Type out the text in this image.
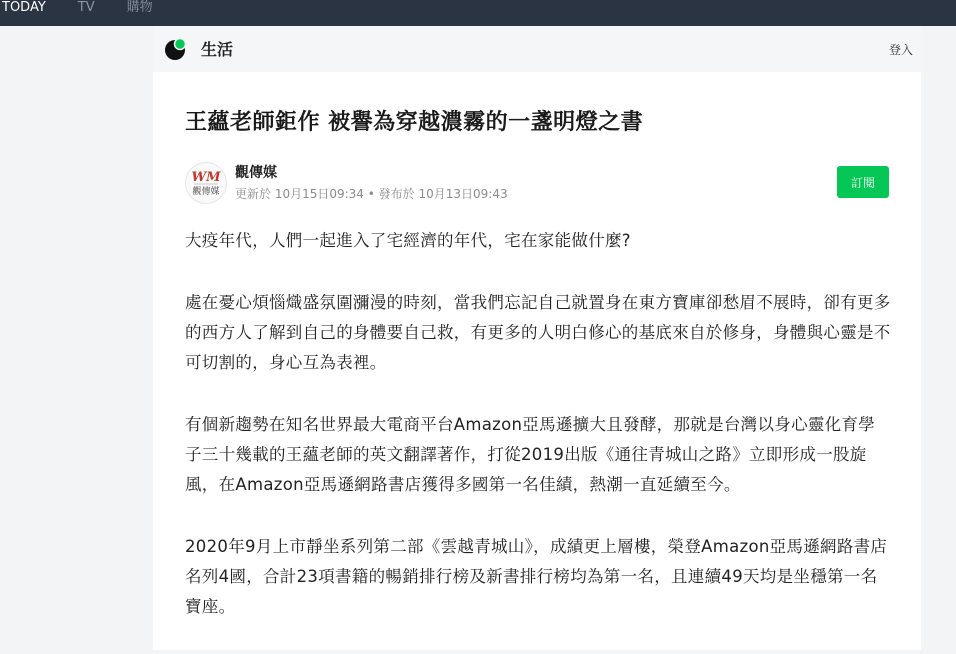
TODAY TV 購物
生活	登入
王蘊老師鉅作 被譽為穿越濃霧的一盞明燈之書
WM
觀傳媒
觀傳媒
更新於 10月15日09:34 • 發布於 10月13日09:43
訂閱

大疫年代，人們一起進入了宅經濟的年代，宅在家能做什麼?

處在憂心煩惱熾盛氛圍瀰漫的時刻，當我們忘記自己就置身在東方寶庫卻愁眉不展時，卻有更多的西方人了解到自己的身體要自己救，有更多的人明白修心的基底來自於修身，身體與心靈是不可切割的，身心互為表裡。

有個新趨勢在知名世界最大電商平台Amazon亞馬遜擴大且發酵，那就是台灣以身心靈化育學子三十幾載的王蘊老師的英文翻譯著作，打從2019出版《通往青城山之路》立即形成一股旋風，在Amazon亞馬遜網路書店獲得多國第一名佳績，熱潮一直延續至今。

2020年9月上市靜坐系列第二部《雲越青城山》，成績更上層樓，榮登Amazon亞馬遜網路書店名列4國，合計23項書籍的暢銷排行榜及新書排行榜均為第一名，且連續49天均是坐穩第一名寶座。
